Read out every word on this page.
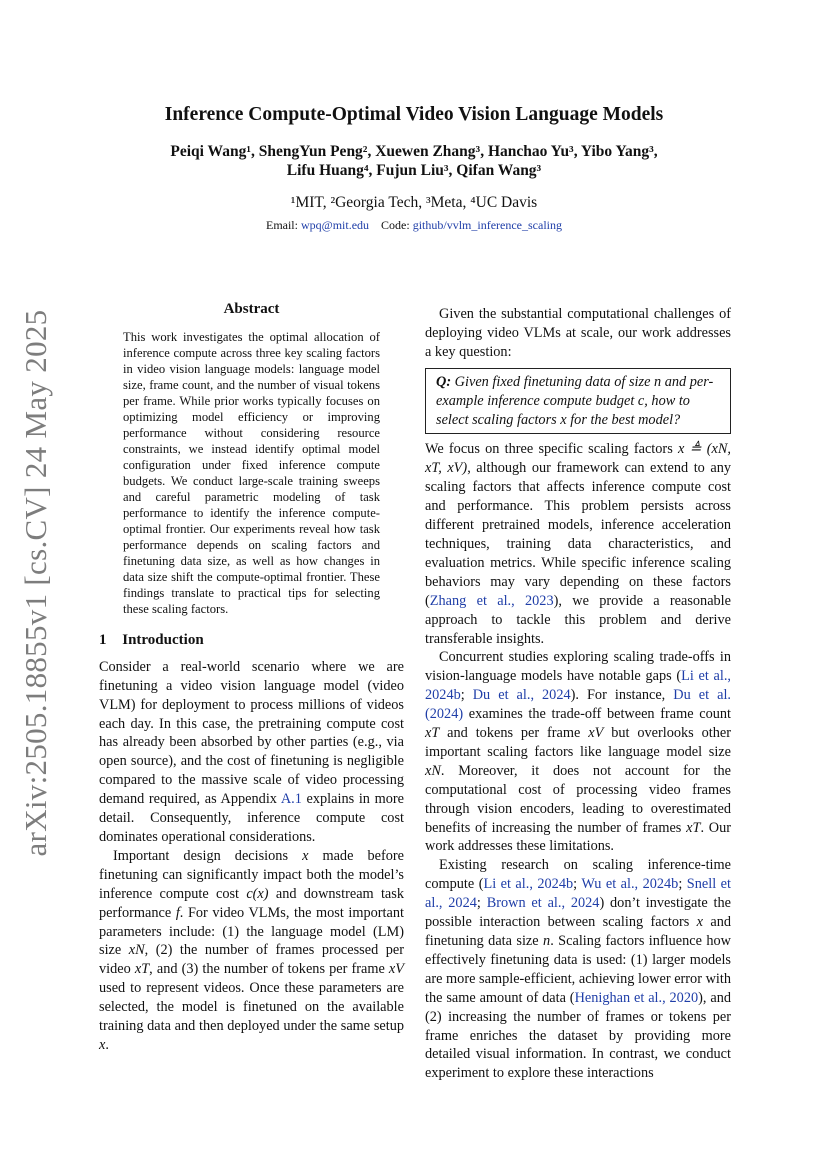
arXiv:2505.18855v1 [cs.CV] 24 May 2025
Inference Compute-Optimal Video Vision Language Models
Peiqi Wang¹, ShengYun Peng², Xuewen Zhang³, Hanchao Yu³, Yibo Yang³,
Lifu Huang⁴, Fujun Liu³, Qifan Wang³
¹MIT, ²Georgia Tech, ³Meta, ⁴UC Davis
Email: wpq@mit.edu Code: github/vvlm_inference_scaling
Abstract

This work investigates the optimal allocation of inference compute across three key scaling factors in video vision language models: language model size, frame count, and the number of visual tokens per frame. While prior works typically focuses on optimizing model efficiency or improving performance without considering resource constraints, we instead identify optimal model configuration under fixed inference compute budgets. We conduct large-scale training sweeps and careful parametric modeling of task performance to identify the inference compute-optimal frontier. Our experiments reveal how task performance depends on scaling factors and finetuning data size, as well as how changes in data size shift the compute-optimal frontier. These findings translate to practical tips for selecting these scaling factors.

1 Introduction

Consider a real-world scenario where we are finetuning a video vision language model (video VLM) for deployment to process millions of videos each day. In this case, the pretraining compute cost has already been absorbed by other parties (e.g., via open source), and the cost of finetuning is negligible compared to the massive scale of video processing demand required, as Appendix A.1 explains in more detail. Consequently, inference compute cost dominates operational considerations.

Important design decisions x made before finetuning can significantly impact both the model’s inference compute cost c(x) and downstream task performance f. For video VLMs, the most important parameters include: (1) the language model (LM) size xN, (2) the number of frames processed per video xT, and (3) the number of tokens per frame xV used to represent videos. Once these parameters are selected, the model is finetuned on the available training data and then deployed under the same setup x.

Given the substantial computational challenges of deploying video VLMs at scale, our work addresses a key question:

Q: Given fixed finetuning data of size n and per-example inference compute budget c, how to select scaling factors x for the best model?

We focus on three specific scaling factors x ≜ (xN, xT, xV), although our framework can extend to any scaling factors that affects inference compute cost and performance. This problem persists across different pretrained models, inference acceleration techniques, training data characteristics, and evaluation metrics. While specific inference scaling behaviors may vary depending on these factors (Zhang et al., 2023), we provide a reasonable approach to tackle this problem and derive transferable insights.

Concurrent studies exploring scaling trade-offs in vision-language models have notable gaps (Li et al., 2024b; Du et al., 2024). For instance, Du et al. (2024) examines the trade-off between frame count xT and tokens per frame xV but overlooks other important scaling factors like language model size xN. Moreover, it does not account for the computational cost of processing video frames through vision encoders, leading to overestimated benefits of increasing the number of frames xT. Our work addresses these limitations.

Existing research on scaling inference-time compute (Li et al., 2024b; Wu et al., 2024b; Snell et al., 2024; Brown et al., 2024) don’t investigate the possible interaction between scaling factors x and finetuning data size n. Scaling factors influence how effectively finetuning data is used: (1) larger models are more sample-efficient, achieving lower error with the same amount of data (Henighan et al., 2020), and (2) increasing the number of frames or tokens per frame enriches the dataset by providing more detailed visual information. In contrast, we conduct experiment to explore these interactions
